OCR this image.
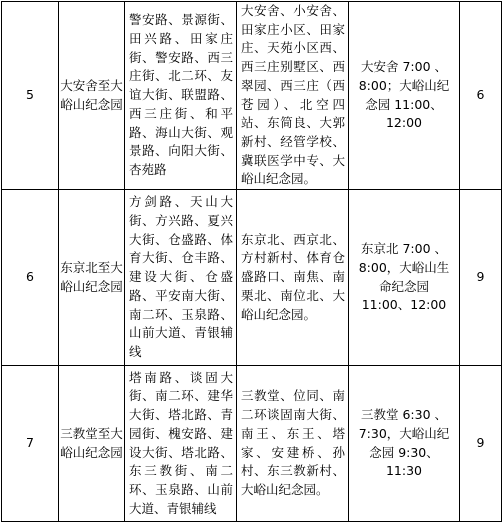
5	大安舍至大峪山纪念园	警安路、景源街、田兴路、田家庄街、警安路、西三庄街、北二环、友谊大街、联盟路、西三庄街、和平路、海山大街、观景路、向阳大街、杏苑路	大安舍、小安舍、田家庄小区、田家庄、天苑小区西、西三庄别墅区、西翠园、西三庄（西苍园）、北空四站、东简良、大郭新村、经管学校、冀联医学中专、大峪山纪念园。	大安舍 7:00 、8:00；大峪山纪念园 11:00、12:00	6
6	东京北至大峪山纪念园	方剑路、天山大街、方兴路、夏兴大街、仓盛路、体育大街、仓丰路、建设大街、仓盛路、平安南大街、南二环、玉泉路、山前大道、青银辅线	东京北、西京北、方村新村、体育仓盛路口、南焦、南栗北、南位北、大峪山纪念园。	东京北 7:00 、8:00，大峪山生命纪念园 11:00、12:00	9
7	三教堂至大峪山纪念园	塔南路、谈固大街、南二环、建华大街、塔北路、青园街、槐安路、建设大街、塔北路、东三教街、南二环、玉泉路、山前大道、青银辅线	三教堂、位同、南二环谈固南大街、南王、东王、塔家、安建桥、孙村、东三教新村、大峪山纪念园。	三教堂 6:30 、7:30，大峪山纪念园 9:30、11:30	9
